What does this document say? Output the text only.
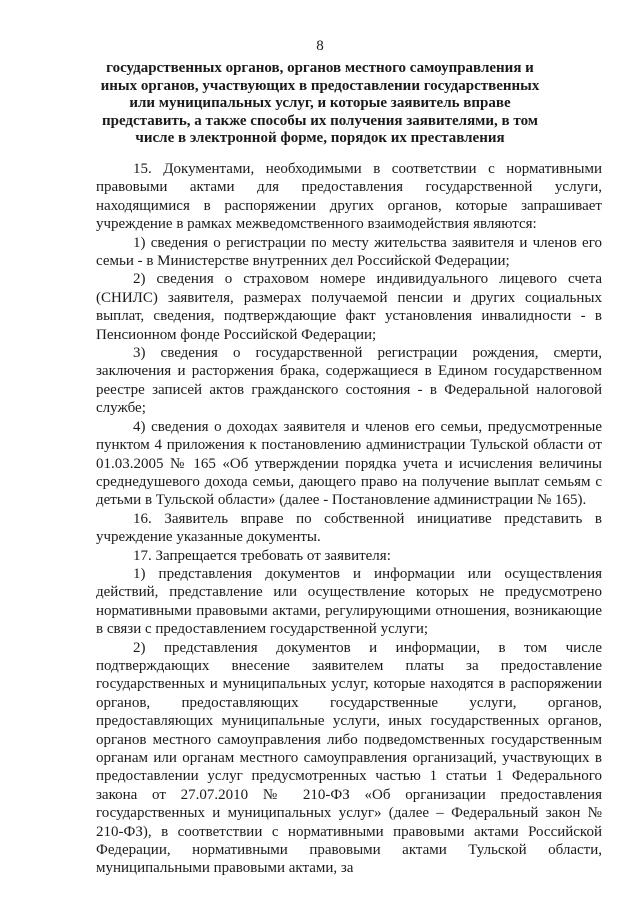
8
государственных органов, органов местного самоуправления и иных органов, участвующих в предоставлении государственных или муниципальных услуг, и которые заявитель вправе представить, а также способы их получения заявителями, в том числе в электронной форме, порядок их преставления

15. Документами, необходимыми в соответствии с нормативными правовыми актами для предоставления государственной услуги, находящимися в распоряжении других органов, которые запрашивает учреждение в рамках межведомственного взаимодействия являются:

1) сведения о регистрации по месту жительства заявителя и членов его семьи - в Министерстве внутренних дел Российской Федерации;

2) сведения о страховом номере индивидуального лицевого счета (СНИЛС) заявителя, размерах получаемой пенсии и других социальных выплат, сведения, подтверждающие факт установления инвалидности - в Пенсионном фонде Российской Федерации;

3) сведения о государственной регистрации рождения, смерти, заключения и расторжения брака, содержащиеся в Едином государственном реестре записей актов гражданского состояния - в Федеральной налоговой службе;

4) сведения о доходах заявителя и членов его семьи, предусмотренные пунктом 4 приложения к постановлению администрации Тульской области от 01.03.2005 № 165 «Об утверждении порядка учета и исчисления величины среднедушевого дохода семьи, дающего право на получение выплат семьям с детьми в Тульской области» (далее - Постановление администрации № 165).

16. Заявитель вправе по собственной инициативе представить в учреждение указанные документы.

17. Запрещается требовать от заявителя:

1) представления документов и информации или осуществления действий, представление или осуществление которых не предусмотрено нормативными правовыми актами, регулирующими отношения, возникающие в связи с предоставлением государственной услуги;

2) представления документов и информации, в том числе подтверждающих внесение заявителем платы за предоставление государственных и муниципальных услуг, которые находятся в распоряжении органов, предоставляющих государственные услуги, органов, предоставляющих муниципальные услуги, иных государственных органов, органов местного самоуправления либо подведомственных государственным органам или органам местного самоуправления организаций, участвующих в предоставлении услуг предусмотренных частью 1 статьи 1 Федерального закона от 27.07.2010 № 210-ФЗ «Об организации предоставления государственных и муниципальных услуг» (далее – Федеральный закон № 210-ФЗ), в соответствии с нормативными правовыми актами Российской Федерации, нормативными правовыми актами Тульской области, муниципальными правовыми актами, за
